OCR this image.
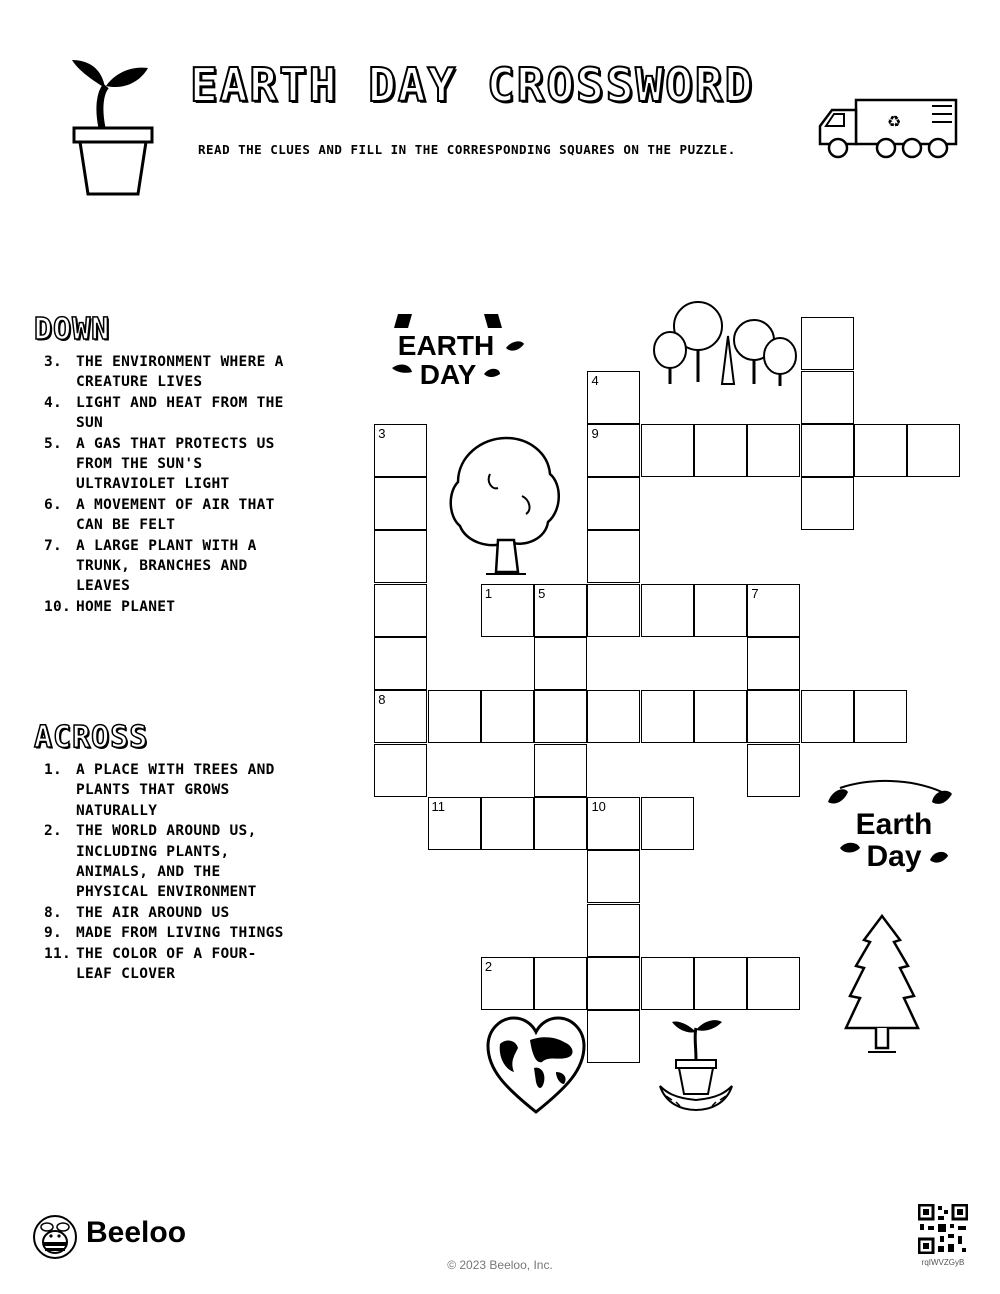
EARTH DAY CROSSWORD
READ THE CLUES AND FILL IN THE CORRESPONDING SQUARES ON THE PUZZLE.
♻
DOWN
3. THE ENVIRONMENT WHERE A CREATURE LIVES
4. LIGHT AND HEAT FROM THE SUN
5. A GAS THAT PROTECTS US FROM THE SUN'S ULTRAVIOLET LIGHT
6. A MOVEMENT OF AIR THAT CAN BE FELT
7. A LARGE PLANT WITH A TRUNK, BRANCHES AND LEAVES
10. HOME PLANET
ACROSS
1. A PLACE WITH TREES AND PLANTS THAT GROWS NATURALLY
2. THE WORLD AROUND US, INCLUDING PLANTS, ANIMALS, AND THE PHYSICAL ENVIRONMENT
8. THE AIR AROUND US
9. MADE FROM LIVING THINGS
11. THE COLOR OF A FOUR-LEAF CLOVER
4
3	9
1	5	7
8
11	10
2
EARTH
DAY
Earth
Day
Beeloo
© 2023 Beeloo, Inc.	rqIWVZGyB
